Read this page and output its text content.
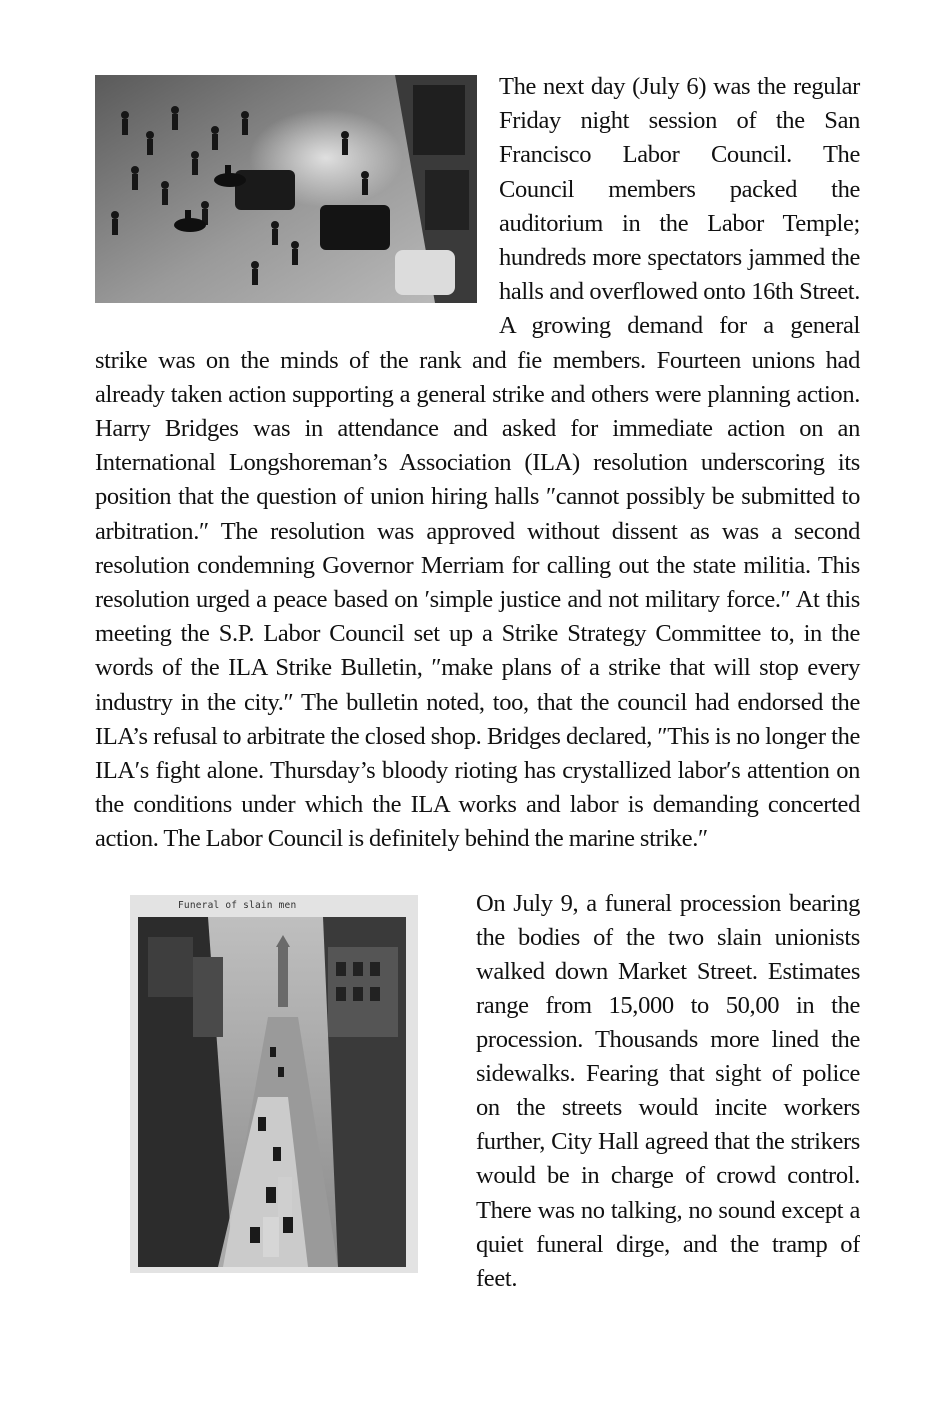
The next day (July 6) was the regular Friday night session of the San Francisco Labor Council. The Council members packed the auditorium in the Labor Temple; hundreds more spectators jammed the halls and overflowed onto 16th Street. A growing demand for a general strike was on the minds of the rank and fie members. Fourteen unions had already taken action supporting a general strike and others were planning action. Harry Bridges was in attendance and asked for immediate action on an International Longshoreman’s Association (ILA) resolution underscoring its position that the question of union hiring halls ″cannot possibly be submitted to arbitration.″ The resolution was approved without dissent as was a second resolution condemning Governor Merriam for calling out the state militia. This resolution urged a peace based on ′simple justice and not military force.″ At this meeting the S.P. Labor Council set up a Strike Strategy Committee to, in the words of the ILA Strike Bulletin, ″make plans of a strike that will stop every industry in the city.″ The bulletin noted, too, that the council had endorsed the ILA’s refusal to arbitrate the closed shop. Bridges declared, ″This is no longer the ILA′s fight alone. Thursday’s bloody rioting has crystallized labor′s attention on the conditions under which the ILA works and labor is demanding concerted action. The Labor Council is definitely behind the marine strike.″

Funeral of slain men	On July 9, a funeral procession bearing the bodies of the two slain unionists walked down Market Street. Estimates range from 15,000 to 50,00 in the procession. Thousands more lined the sidewalks. Fearing that sight of police on the streets would incite workers further, City Hall agreed that the strikers would be in charge of crowd control. There was no talking, no sound except a quiet funeral dirge, and the tramp of feet.
